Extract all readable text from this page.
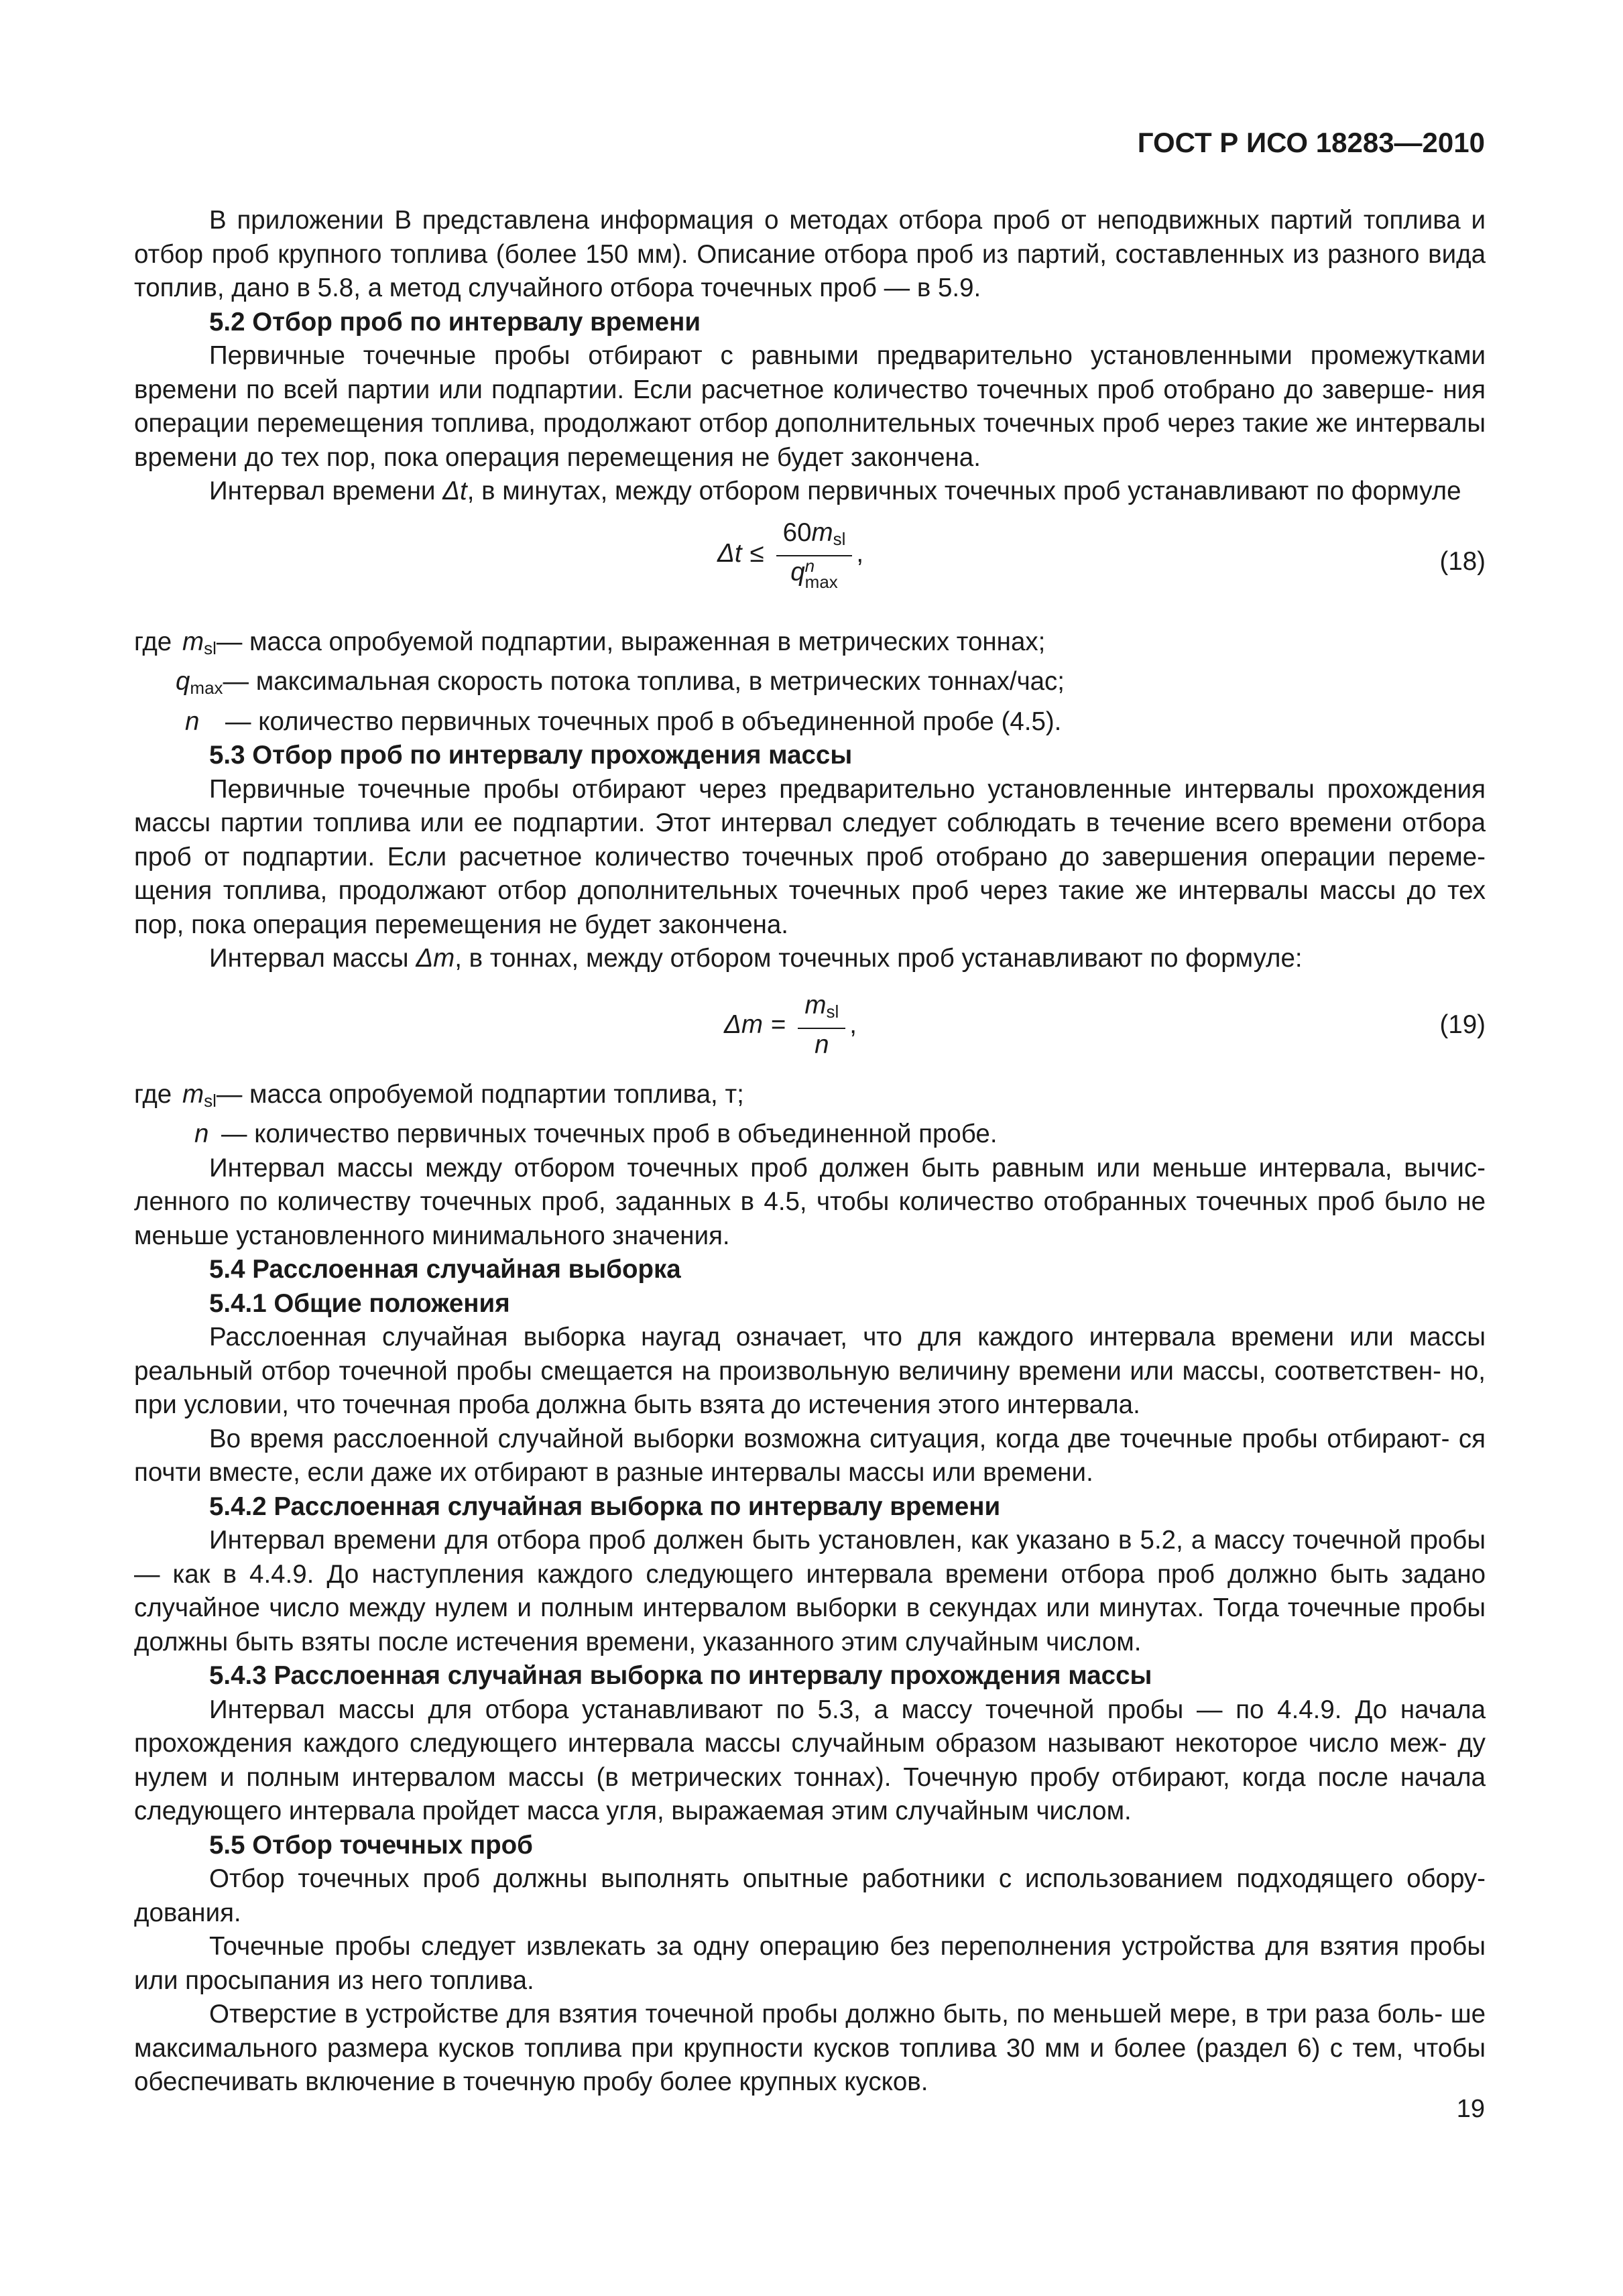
ГОСТ Р ИСО 18283—2010

В приложении В представлена информация о методах отбора проб от неподвижных партий топлива и отбор проб крупного топлива (более 150 мм). Описание отбора проб из партий, составленных из разного вида топлив, дано в 5.8, а метод случайного отбора точечных проб — в 5.9.

5.2 Отбор проб по интервалу времени

Первичные точечные пробы отбирают с равными предварительно установленными промежутками времени по всей партии или подпартии. Если расчетное количество точечных проб отобрано до заверше- ния операции перемещения топлива, продолжают отбор дополнительных точечных проб через такие же интервалы времени до тех пор, пока операция перемещения не будет закончена.

Интервал времени Δt, в минутах, между отбором первичных точечных проб устанавливают по формуле

$\Delta t \le 60m_{sl}$
q n
max ,	(18)
где $m_{sl}$ — масса опробуемой подпартии, выраженная в метрических тоннах;
$q_{max}$ — максимальная скорость потока топлива, в метрических тоннах/час;
n	— количество первичных точечных проб в объединенной пробе (4.5).
5.3 Отбор проб по интервалу прохождения массы

Первичные точечные пробы отбирают через предварительно установленные интервалы прохождения массы партии топлива или ее подпартии. Этот интервал следует соблюдать в течение всего времени отбора проб от подпартии. Если расчетное количество точечных проб отобрано до завершения операции переме- щения топлива, продолжают отбор дополнительных точечных проб через такие же интервалы массы до тех пор, пока операция перемещения не будет закончена.

Интервал массы Δm, в тоннах, между отбором точечных проб устанавливают по формуле:

$\Delta m = \frac{m_{sl}}{n}$ ,	(19)
где $m_{sl}$ — масса опробуемой подпартии топлива, т;
n — количество первичных точечных проб в объединенной пробе.

Интервал массы между отбором точечных проб должен быть равным или меньше интервала, вычис- ленного по количеству точечных проб, заданных в 4.5, чтобы количество отобранных точечных проб было не меньше установленного минимального значения.

5.4 Расслоенная случайная выборка
5.4.1 Общие положения

Расслоенная случайная выборка наугад означает, что для каждого интервала времени или массы реальный отбор точечной пробы смещается на произвольную величину времени или массы, соответствен- но, при условии, что точечная проба должна быть взята до истечения этого интервала.

Во время расслоенной случайной выборки возможна ситуация, когда две точечные пробы отбирают- ся почти вместе, если даже их отбирают в разные интервалы массы или времени.

5.4.2 Расслоенная случайная выборка по интервалу времени

Интервал времени для отбора проб должен быть установлен, как указано в 5.2, а массу точечной пробы — как в 4.4.9. До наступления каждого следующего интервала времени отбора проб должно быть задано случайное число между нулем и полным интервалом выборки в секундах или минутах. Тогда точечные пробы должны быть взяты после истечения времени, указанного этим случайным числом.

5.4.3 Расслоенная случайная выборка по интервалу прохождения массы

Интервал массы для отбора устанавливают по 5.3, а массу точечной пробы — по 4.4.9. До начала прохождения каждого следующего интервала массы случайным образом называют некоторое число меж- ду нулем и полным интервалом массы (в метрических тоннах). Точечную пробу отбирают, когда после начала следующего интервала пройдет масса угля, выражаемая этим случайным числом.

5.5 Отбор точечных проб

Отбор точечных проб должны выполнять опытные работники с использованием подходящего обору- дования.

Точечные пробы следует извлекать за одну операцию без переполнения устройства для взятия пробы или просыпания из него топлива.

Отверстие в устройстве для взятия точечной пробы должно быть, по меньшей мере, в три раза боль- ше максимального размера кусков топлива при крупности кусков топлива 30 мм и более (раздел 6) с тем, чтобы обеспечивать включение в точечную пробу более крупных кусков.

19
